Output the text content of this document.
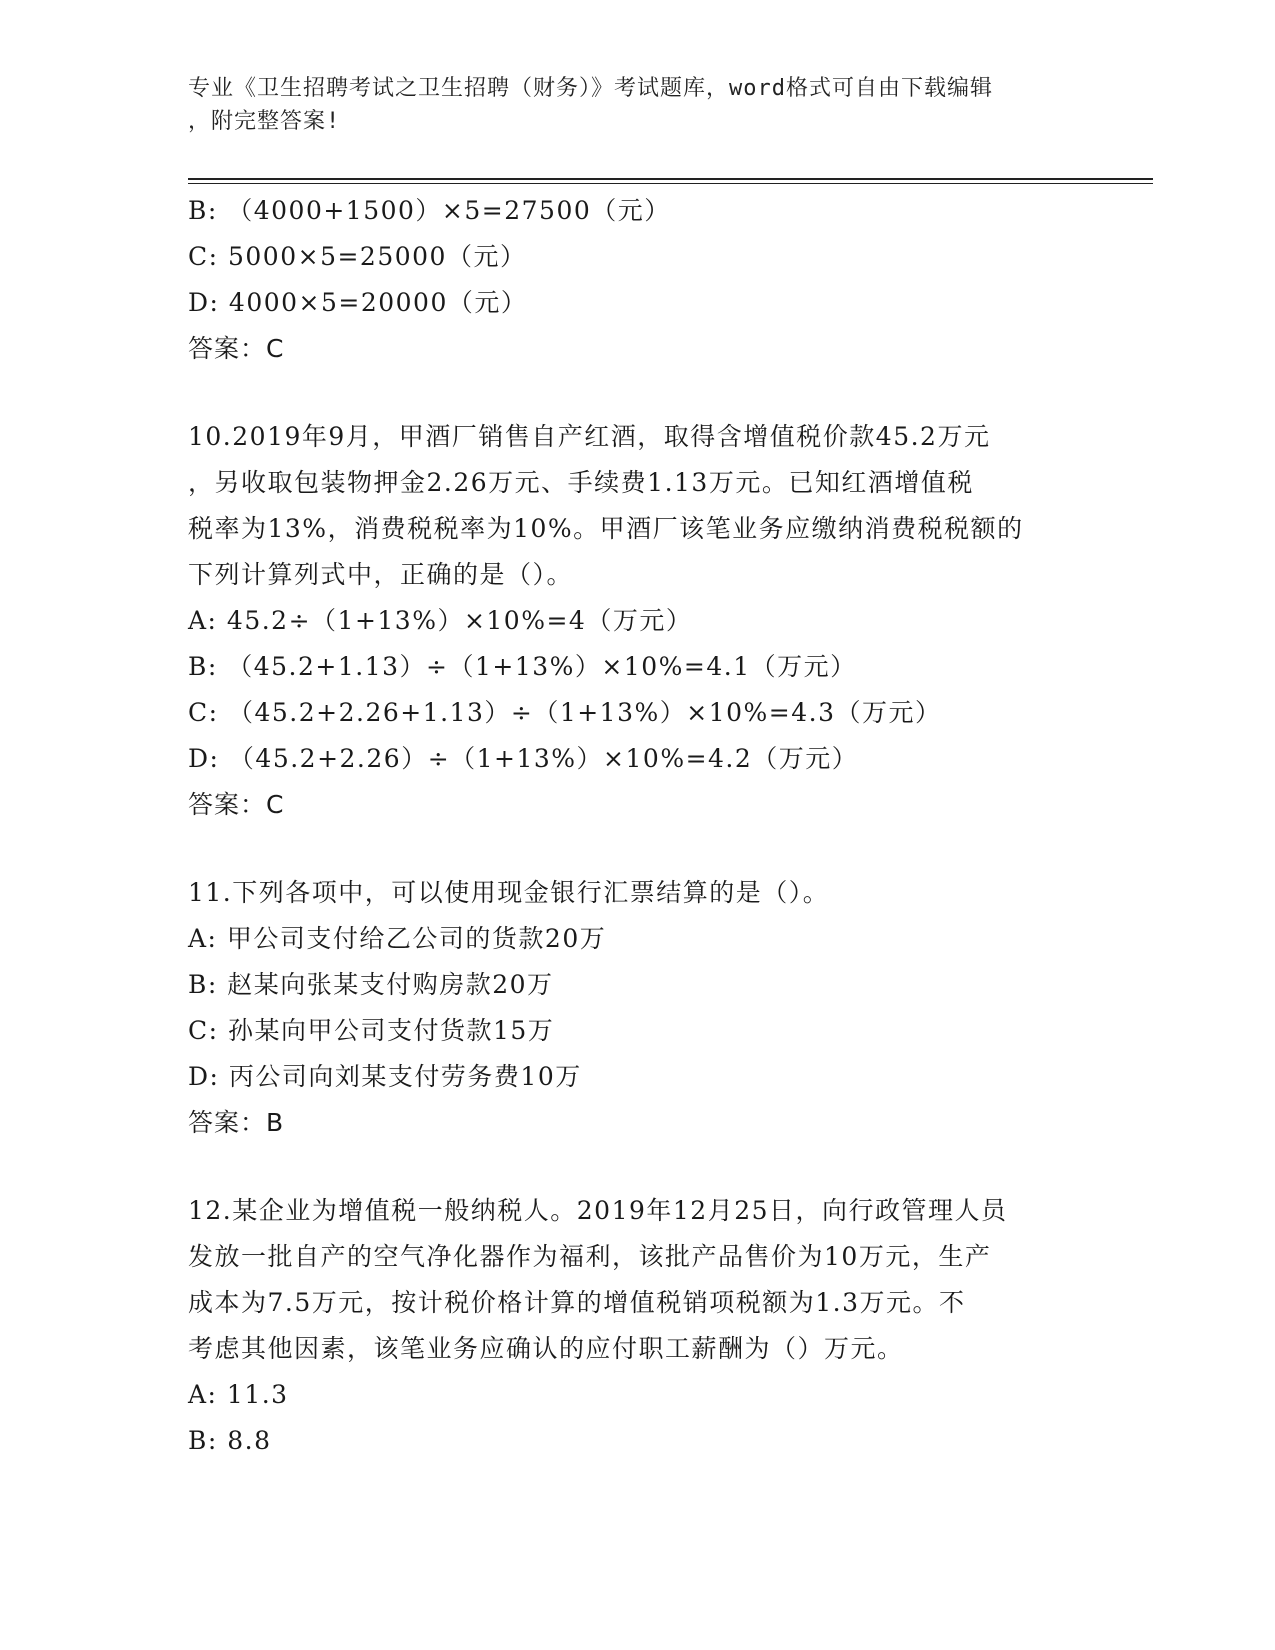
专业《卫生招聘考试之卫生招聘（财务）》考试题库，word格式可自由下载编辑
，附完整答案!
B: （4000+1500）×5=27500（元）
C: 5000×5=25000（元）
D: 4000×5=20000（元）
答案：C
10.2019年9月，甲酒厂销售自产红酒，取得含增值税价款45.2万元
，另收取包装物押金2.26万元、手续费1.13万元。已知红酒增值税
税率为13%，消费税税率为10%。甲酒厂该笔业务应缴纳消费税税额的
下列计算列式中，正确的是（）。
A: 45.2÷（1+13%）×10%=4（万元）
B: （45.2+1.13）÷（1+13%）×10%=4.1（万元）
C: （45.2+2.26+1.13）÷（1+13%）×10%=4.3（万元）
D: （45.2+2.26）÷（1+13%）×10%=4.2（万元）
答案：C
11.下列各项中，可以使用现金银行汇票结算的是（）。
A: 甲公司支付给乙公司的货款20万
B: 赵某向张某支付购房款20万
C: 孙某向甲公司支付货款15万
D: 丙公司向刘某支付劳务费10万
答案：B
12.某企业为增值税一般纳税人。2019年12月25日，向行政管理人员
发放一批自产的空气净化器作为福利，该批产品售价为10万元，生产
成本为7.5万元，按计税价格计算的增值税销项税额为1.3万元。不
考虑其他因素，该笔业务应确认的应付职工薪酬为（）万元。
A: 11.3
B: 8.8
